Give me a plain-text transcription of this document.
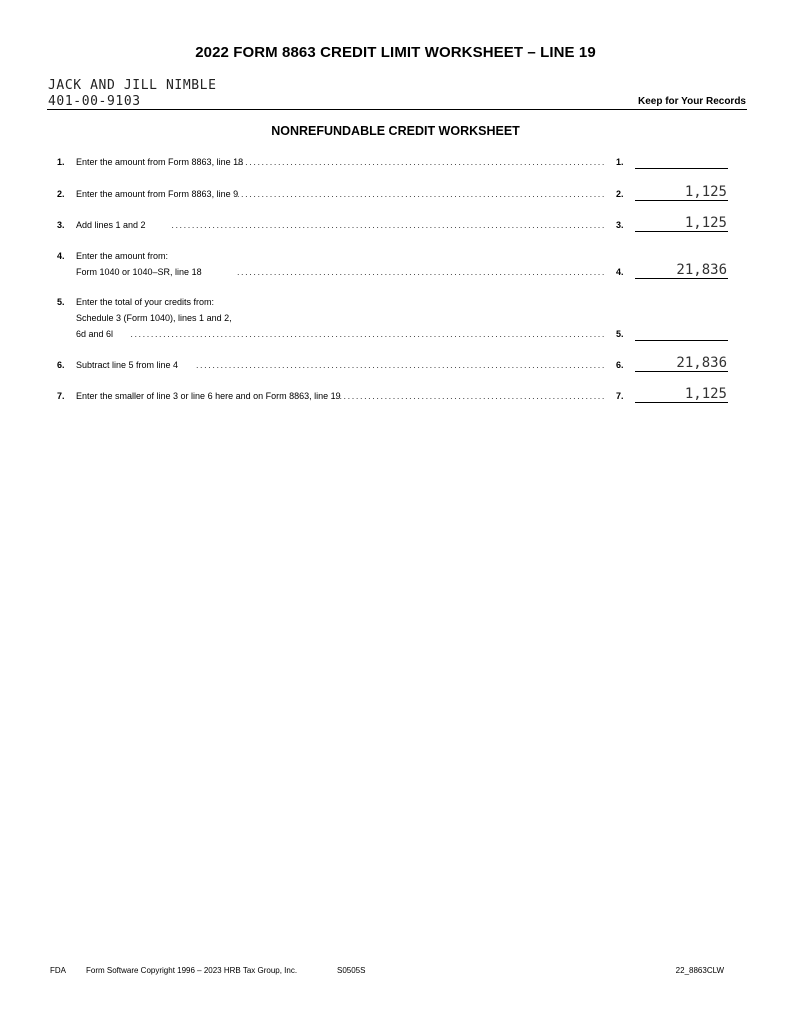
2022 FORM 8863 CREDIT LIMIT WORKSHEET – LINE 19
JACK AND JILL NIMBLE
401-00-9103	Keep for Your Records
NONREFUNDABLE CREDIT WORKSHEET
1. Enter the amount from Form 8863, line 18
.......................................................................................... 1.
2. Enter the amount from Form 8863, line 9
.......................................................................................... 2.	1,125
3. Add lines 1 and 2	.......................................................................................................... 3.	1,125
4. Enter the amount from:
Form 1040 or 1040–SR, line 18	.......................................................................................... 4.	21,836
5. Enter the total of your credits from:
Schedule 3 (Form 1040), lines 1 and 2,
6d and 6l .................................................................................................................... 5.
6. Subtract line 5 from line 4 .................................................................................................... 6.	21,836
7. Enter the smaller of line 3 or line 6 here and on Form 8863, line 19
.................................................................. 7.	1,125
FDA	Form Software Copyright 1996 – 2023 HRB Tax Group, Inc.	S0505S	22_8863CLW
